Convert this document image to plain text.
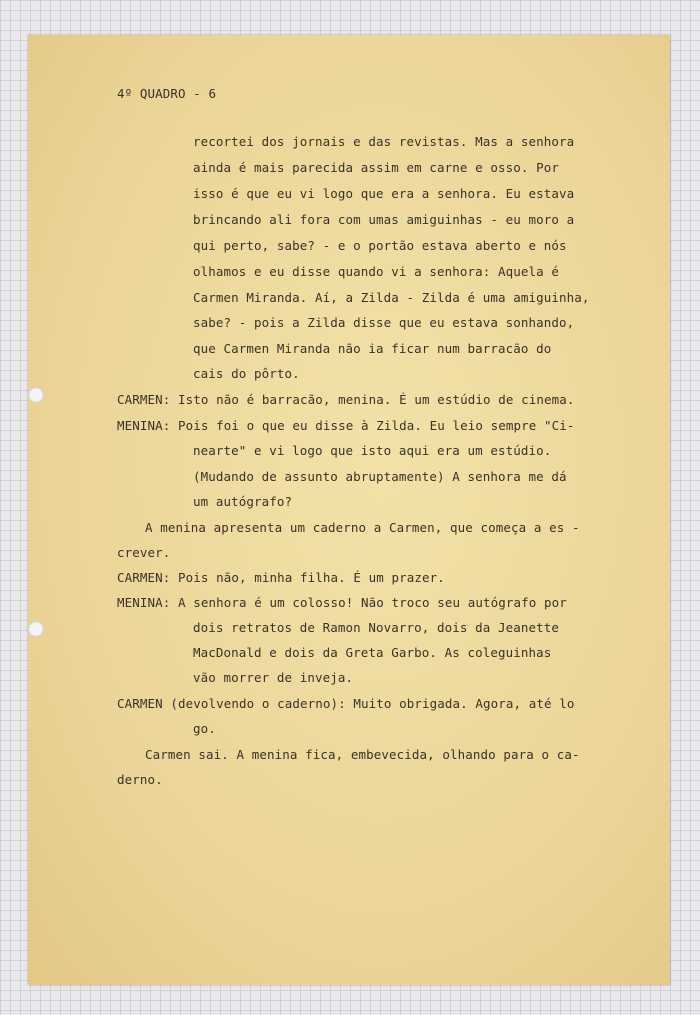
4º QUADRO - 6
recortei dos jornais e das revistas. Mas a senhora
ainda é mais parecida assim em carne e osso. Por
isso é que eu vi logo que era a senhora. Eu estava
brincando ali fora com umas amiguinhas - eu moro a
qui perto, sabe? - e o portão estava aberto e nós
olhamos e eu disse quando vi a senhora: Aquela é
Carmen Miranda. Aí, a Zilda - Zilda é uma amiguinha,
sabe? - pois a Zilda disse que eu estava sonhando,
que Carmen Miranda não ia ficar num barracão do
cais do pôrto.
CARMEN: Isto não é barracão, menina. É um estúdio de cinema.
MENINA: Pois foi o que eu disse à Zilda. Eu leio sempre "Ci-
nearte" e vi logo que isto aqui era um estúdio.
(Mudando de assunto abruptamente) A senhora me dá
um autógrafo?
A menina apresenta um caderno a Carmen, que começa a es -
crever.
CARMEN: Pois não, minha filha. É um prazer.
MENINA: A senhora é um colosso! Não troco seu autógrafo por
dois retratos de Ramon Novarro, dois da Jeanette
MacDonald e dois da Greta Garbo. As coleguinhas
vão morrer de inveja.
CARMEN (devolvendo o caderno): Muito obrigada. Agora, até lo
go.
Carmen sai. A menina fica, embevecida, olhando para o ca-
derno.
